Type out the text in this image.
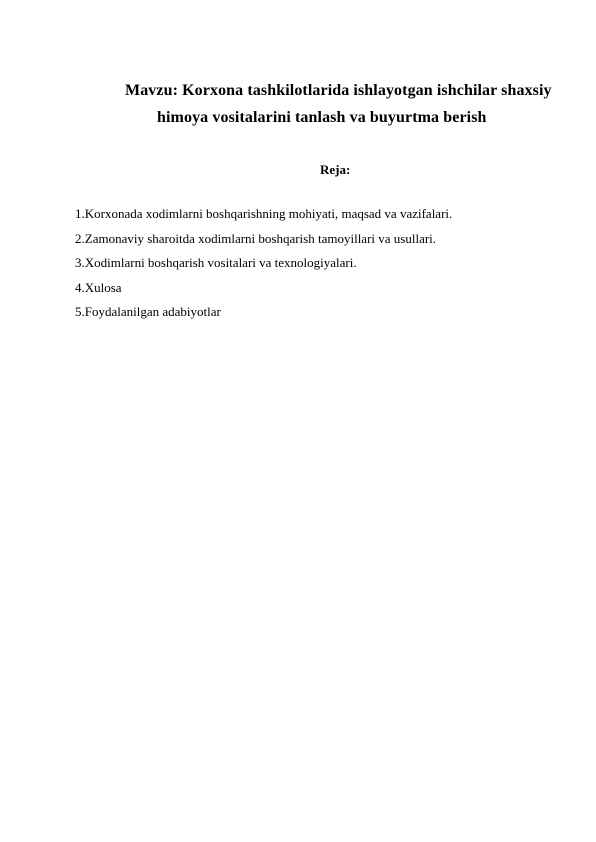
Mavzu: Korxona tashkilotlarida ishlayotgan ishchilar shaxsiy
himoya vositalarini tanlash va buyurtma berish
Reja:
1.Korxonada xodimlarni boshqarishning mohiyati, maqsad va vazifalari.
2.Zamonaviy sharoitda xodimlarni boshqarish tamoyillari va usullari.
3.Xodimlarni boshqarish vositalari va texnologiyalari.
4.Xulosa
5.Foydalanilgan adabiyotlar
